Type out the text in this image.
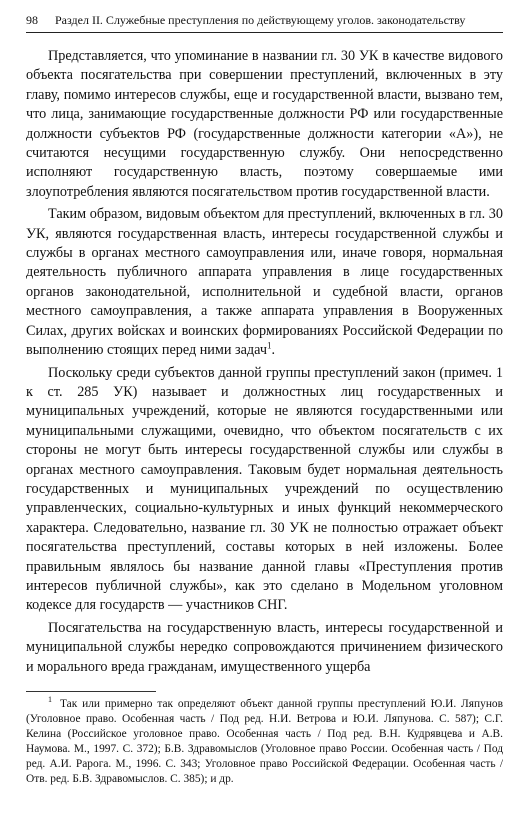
98 Раздел II. Служебные преступления по действующему уголов. законодательству

Представляется, что упоминание в названии гл. 30 УК в качестве видового объекта посягательства при совершении преступлений, включенных в эту главу, помимо интересов службы, еще и государственной власти, вызвано тем, что лица, занимающие государственные должности РФ или государственные должности субъектов РФ (государственные должности категории «А»), не считаются несущими государственную службу. Они непосредственно исполняют государственную власть, поэтому совершаемые ими злоупотребления являются посягательством против государственной власти.

Таким образом, видовым объектом для преступлений, включенных в гл. 30 УК, являются государственная власть, интересы государственной службы и службы в органах местного самоуправления или, иначе говоря, нормальная деятельность публичного аппарата управления в лице государственных органов законодательной, исполнительной и судебной власти, органов местного самоуправления, а также аппарата управления в Вооруженных Силах, других войсках и воинских формированиях Российской Федерации по выполнению стоящих перед ними задач$^1$.

Поскольку среди субъектов данной группы преступлений закон (примеч. 1 к ст. 285 УК) называет и должностных лиц государственных и муниципальных учреждений, которые не являются государственными или муниципальными служащими, очевидно, что объектом посягательств с их стороны не могут быть интересы государственной службы или службы в органах местного самоуправления. Таковым будет нормальная деятельность государственных и муниципальных учреждений по осуществлению управленческих, социально-культурных и иных функций некоммерческого характера. Следовательно, название гл. 30 УК не полностью отражает объект посягательства преступлений, составы которых в ней изложены. Более правильным являлось бы название данной главы «Преступления против интересов публичной службы», как это сделано в Модельном уголовном кодексе для государств — участников СНГ.

Посягательства на государственную власть, интересы государственной и муниципальной службы нередко сопровождаются причинением физического и морального вреда гражданам, имущественного ущерба

$^1$ Так или примерно так определяют объект данной группы преступлений Ю.И. Ляпунов (Уголовное право. Особенная часть / Под ред. Н.И. Ветрова и Ю.И. Ляпунова. С. 587); С.Г. Келина (Российское уголовное право. Особенная часть / Под ред. В.Н. Кудрявцева и А.В. Наумова. М., 1997. С. 372); Б.В. Здравомыслов (Уголовное право России. Особенная часть / Под ред. А.И. Рарога. М., 1996. С. 343; Уголовное право Российской Федерации. Особенная часть / Отв. ред. Б.В. Здравомыслов. С. 385); и др.
